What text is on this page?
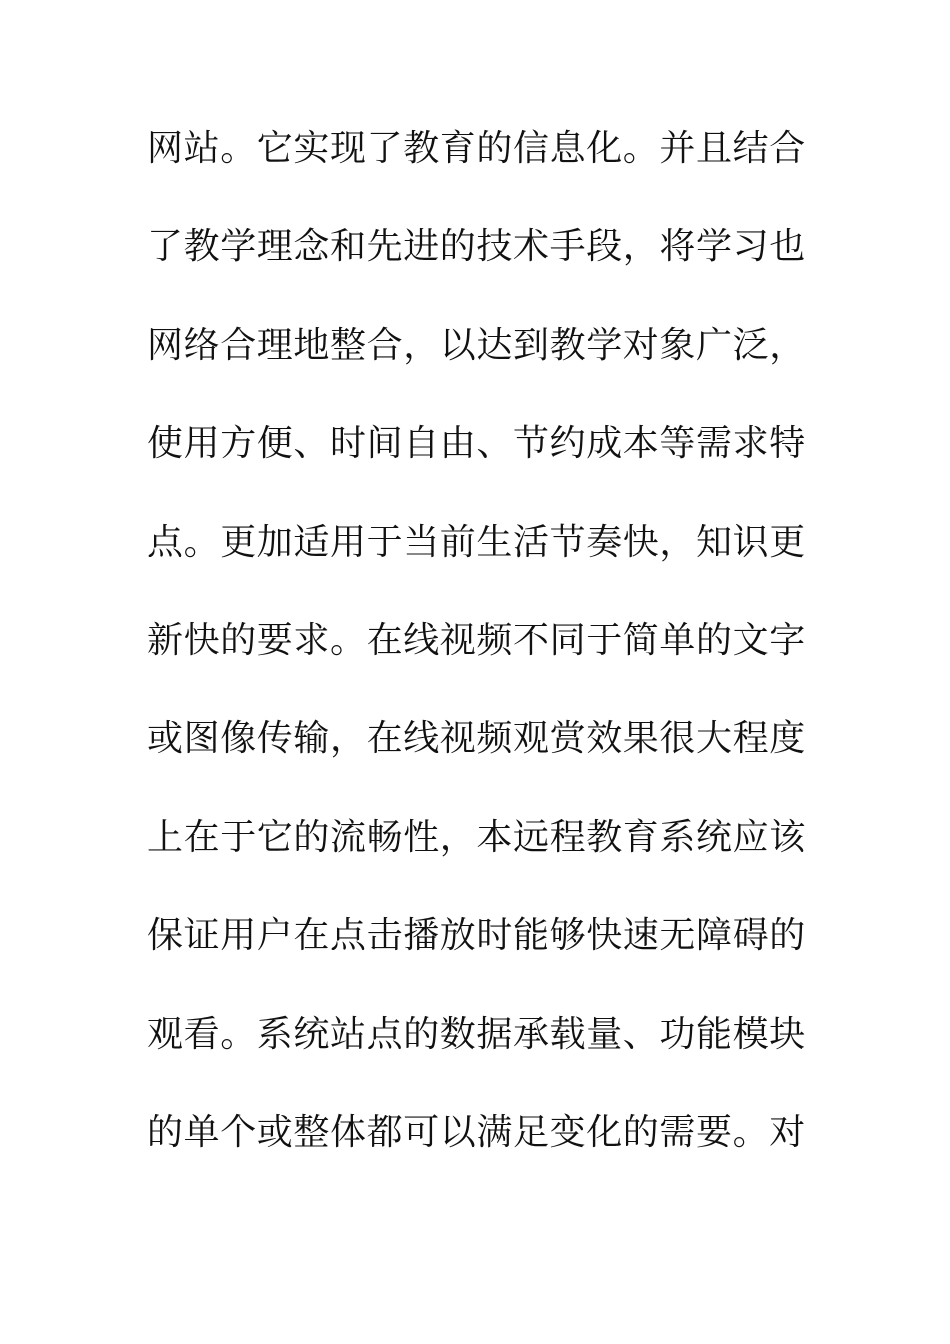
网站。它实现了教育的信息化。并且结合
了教学理念和先进的技术手段，将学习也
网络合理地整合，以达到教学对象广泛，
使用方便、时间自由、节约成本等需求特
点。更加适用于当前生活节奏快，知识更
新快的要求。在线视频不同于简单的文字
或图像传输，在线视频观赏效果很大程度
上在于它的流畅性，本远程教育系统应该
保证用户在点击播放时能够快速无障碍的
观看。系统站点的数据承载量、功能模块
的单个或整体都可以满足变化的需要。对
